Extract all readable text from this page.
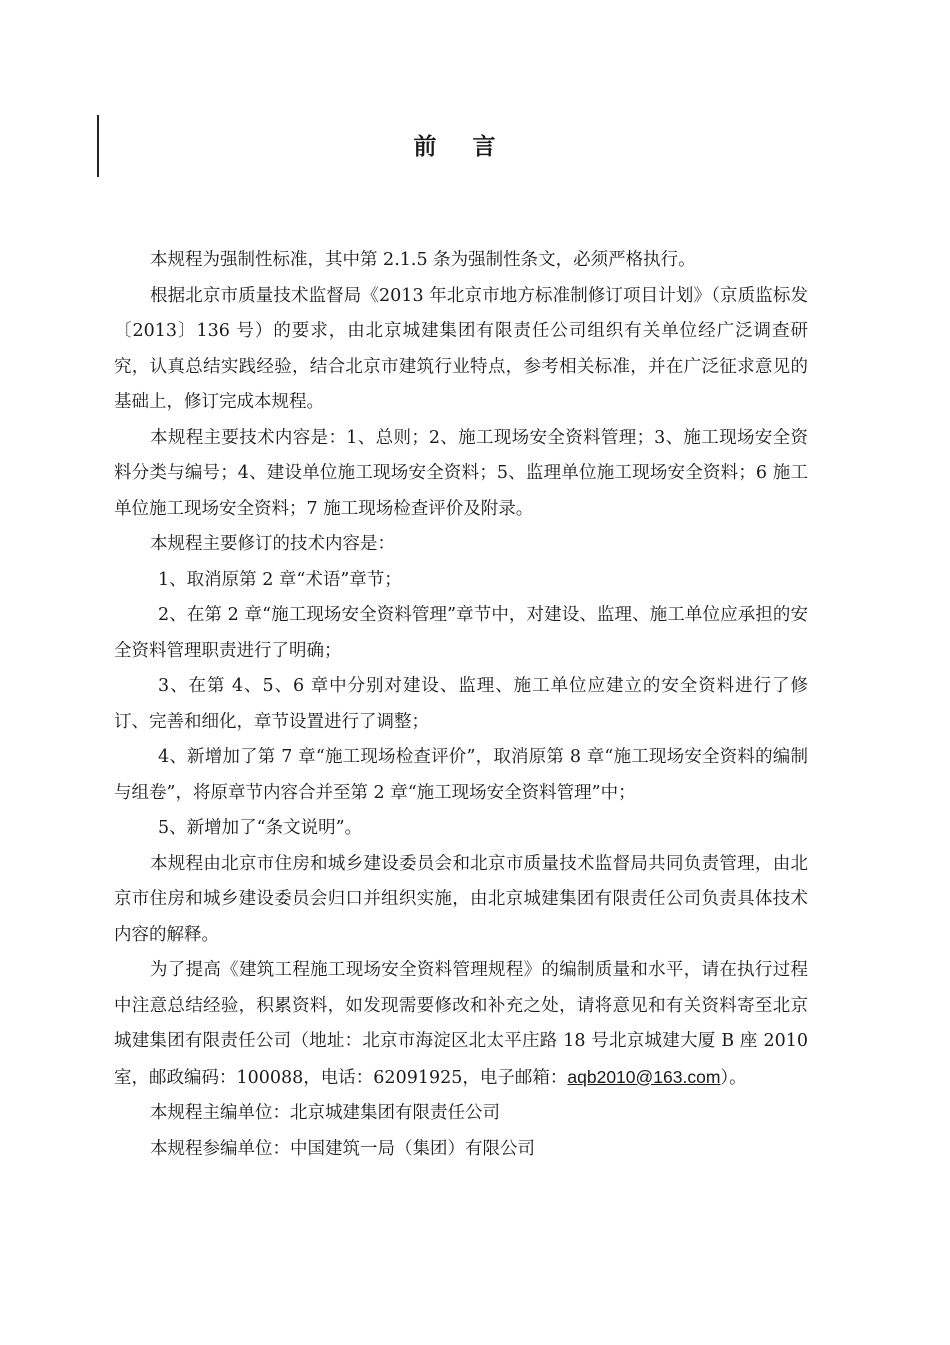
前 言

本规程为强制性标准，其中第 2.1.5 条为强制性条文，必须严格执行。

根据北京市质量技术监督局《2013 年北京市地方标准制修订项目计划》（京质监标发〔2013〕136 号）的要求，由北京城建集团有限责任公司组织有关单位经广泛调查研究，认真总结实践经验，结合北京市建筑行业特点，参考相关标准，并在广泛征求意见的基础上，修订完成本规程。

本规程主要技术内容是：1、总则；2、施工现场安全资料管理；3、施工现场安全资料分类与编号；4、建设单位施工现场安全资料；5、监理单位施工现场安全资料；6 施工单位施工现场安全资料；7 施工现场检查评价及附录。

本规程主要修订的技术内容是：

1、取消原第 2 章“术语”章节；

2、在第 2 章“施工现场安全资料管理”章节中，对建设、监理、施工单位应承担的安全资料管理职责进行了明确；

3、在第 4、5、6 章中分别对建设、监理、施工单位应建立的安全资料进行了修订、完善和细化，章节设置进行了调整；

4、新增加了第 7 章“施工现场检查评价”，取消原第 8 章“施工现场安全资料的编制与组卷”，将原章节内容合并至第 2 章“施工现场安全资料管理”中；

5、新增加了“条文说明”。

本规程由北京市住房和城乡建设委员会和北京市质量技术监督局共同负责管理，由北京市住房和城乡建设委员会归口并组织实施，由北京城建集团有限责任公司负责具体技术内容的解释。

为了提高《建筑工程施工现场安全资料管理规程》的编制质量和水平，请在执行过程中注意总结经验，积累资料，如发现需要修改和补充之处，请将意见和有关资料寄至北京城建集团有限责任公司（地址：北京市海淀区北太平庄路 18 号北京城建大厦 B 座 2010 室，邮政编码：100088，电话：62091925，电子邮箱：aqb2010@163.com）。

本规程主编单位：北京城建集团有限责任公司

本规程参编单位：中国建筑一局（集团）有限公司
